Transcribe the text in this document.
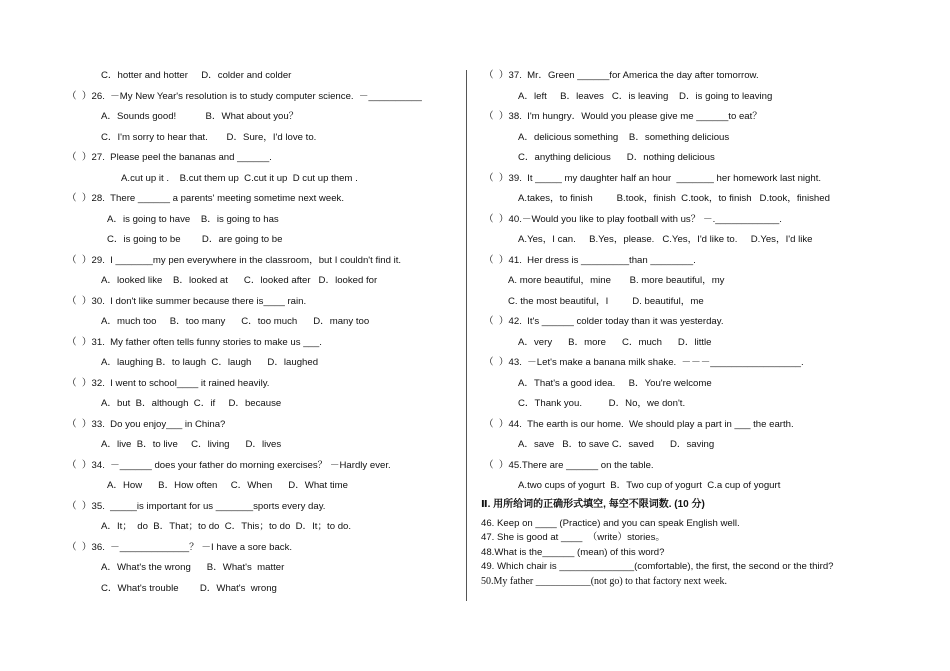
C．hotter and hotter     D．colder and colder
（  ）26.  －My New Year's resolution is to study computer science.  －__________
A．Sounds good!           B．What about you？
C．I'm sorry to hear that.       D．Sure，I'd love to.
（  ）27.  Please peel the bananas and ______.
A.cut up it .    B.cut them up  C.cut it up  D cut up them .
（  ）28.  There ______ a parents' meeting sometime next week.
A．is going to have    B．is going to has
C．is going to be        D．are going to be
（  ）29.  I _______my pen everywhere in the classroom，but I couldn't find it.
A．looked like    B．looked at      C．looked after   D．looked for
（  ）30.  I don't like summer because there is____ rain.
A．much too     B．too many      C．too much      D．many too
（  ）31.  My father often tells funny stories to make us ___.
A．laughing B．to laugh  C．laugh      D．laughed
（  ）32.  I went to school____ it rained heavily.
A．but  B．although  C．if     D．because
（  ）33.  Do you enjoy___ in China?
A．live  B．to live     C．living      D．lives
（  ）34.  －______ does your father do morning exercises？ －Hardly ever.
A．How      B．How often     C．When      D．What time
（  ）35.  _____is important for us _______sports every day.
A．It；  do  B．That；to do  C．This；to do  D．It；to do.
（  ）36.  －_____________？ －I have a sore back.
A．What's the wrong      B．What's  matter
C．What's trouble        D．What's  wrong
（  ）37.  Mr．Green ______for America the day after tomorrow.
A．left     B．leaves   C．is leaving    D．is going to leaving
（  ）38.  I'm hungry．Would you please give me ______to eat？
A．delicious something    B．something delicious
C．anything delicious      D．nothing delicious
（  ）39.  It _____ my daughter half an hour  _______ her homework last night.
A.takes，to finish         B.took，finish  C.took，to finish   D.took，finished
（  ）40.－Would you like to play football with us？ －.____________.
A.Yes，I can.     B.Yes，please.   C.Yes，I'd like to.     D.Yes，I'd like
（  ）41.  Her dress is _________than ________.
A. more beautiful，mine       B. more beautiful，my
C. the most beautiful，I         D. beautiful，me
（  ）42.  It's ______ colder today than it was yesterday.
A．very      B．more      C．much      D．little
（  ）43.  －Let's make a banana milk shake.  －－－_________________.
A．That's a good idea.     B．You're welcome
C．Thank you.          D．No，we don't.
（  ）44.  The earth is our home.  We should play a part in ___ the earth.
A．save   B．to save C．saved      D．saving
（  ）45.There are ______ on the table.
A.two cups of yogurt  B．Two cup of yogurt  C.a cup of yogurt
Ⅱ. 用所给词的正确形式填空, 每空不限词数. (10 分)
46. Keep on ____ (Practice) and you can speak English well.
47. She is good at ____  （write）stories。
48.What is the______ (mean) of this word?
49. Which chair is ______________(comfortable), the first, the second or the third?
50.My father ___________(not go) to that factory next week.
